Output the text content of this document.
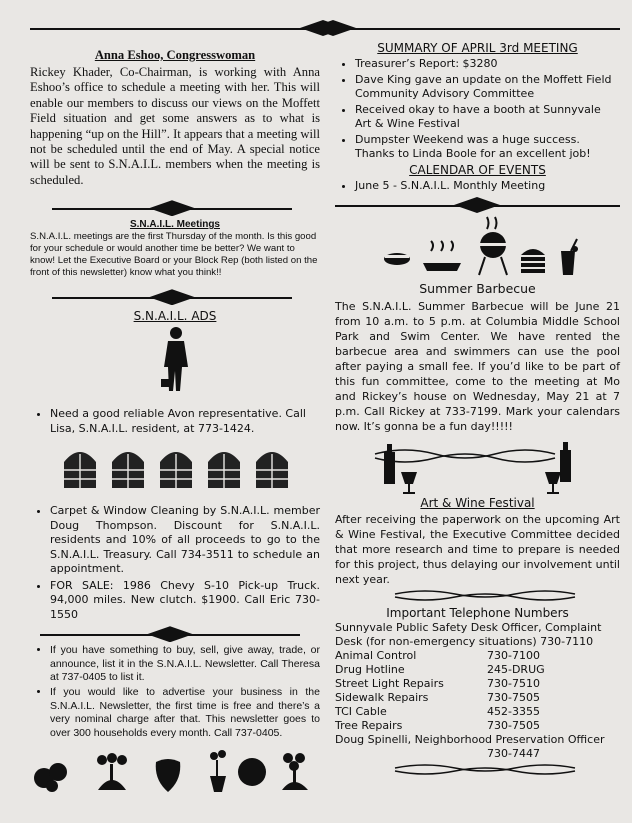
Anna Eshoo, Congresswoman
Rickey Khader, Co-Chairman, is working with Anna Eshoo’s office to schedule a meeting with her. This will enable our members to discuss our views on the Moffett Field situation and get some answers as to what is happening “up on the Hill”. It appears that a meeting will not be scheduled until the end of May. A special notice will be sent to S.N.A.I.L. members when the meeting is scheduled.
S.N.A.I.L. Meetings
S.N.A.I.L. meetings are the first Thursday of the month. Is this good for your schedule or would another time be better? We want to know! Let the Executive Board or your Block Rep (both listed on the front of this newsletter) know what you think!!
S.N.A.I.L. ADS
• Need a good reliable Avon representative. Call Lisa, S.N.A.I.L. resident, at 773-1424.
• Carpet & Window Cleaning by S.N.A.I.L. member Doug Thompson. Discount for S.N.A.I.L. residents and 10% of all proceeds to go to the S.N.A.I.L. Treasury. Call 734-3511 to schedule an appointment.
• FOR SALE: 1986 Chevy S-10 Pick-up Truck. 94,000 miles. New clutch. $1900. Call Eric 730-1550
• If you have something to buy, sell, give away, trade, or announce, list it in the S.N.A.I.L. Newsletter. Call Theresa at 737-0405 to list it.
• If you would like to advertise your business in the S.N.A.I.L. Newsletter, the first time is free and there’s a very nominal charge after that. This newsletter goes to over 300 households every month. Call 737-0405.
SUMMARY OF APRIL 3rd MEETING
• Treasurer’s Report: $3280
• Dave King gave an update on the Moffett Field Community Advisory Committee
• Received okay to have a booth at Sunnyvale Art & Wine Festival
• Dumpster Weekend was a huge success. Thanks to Linda Boole for an excellent job!
CALENDAR OF EVENTS
• June 5 - S.N.A.I.L. Monthly Meeting
Summer Barbecue
The S.N.A.I.L. Summer Barbecue will be June 21 from 10 a.m. to 5 p.m. at Columbia Middle School Park and Swim Center. We have rented the barbecue area and swimmers can use the pool after paying a small fee. If you’d like to be part of this fun committee, come to the meeting at Mo and Rickey’s house on Wednesday, May 21 at 7 p.m. Call Rickey at 733-7199. Mark your calendars now. It’s gonna be a fun day!!!!!
Art & Wine Festival
After receiving the paperwork on the upcoming Art & Wine Festival, the Executive Committee decided that more research and time to prepare is needed for this project, thus delaying our involvement until next year.
Important Telephone Numbers
Sunnyvale Public Safety Desk Officer, Complaint Desk (for non-emergency situations) 730-7110
Animal Control	730-7100
Drug Hotline	245-DRUG
Street Light Repairs	730-7510
Sidewalk Repairs	730-7505
TCI Cable	452-3355
Tree Repairs	730-7505
Doug Spinelli, Neighborhood Preservation Officer
730-7447
